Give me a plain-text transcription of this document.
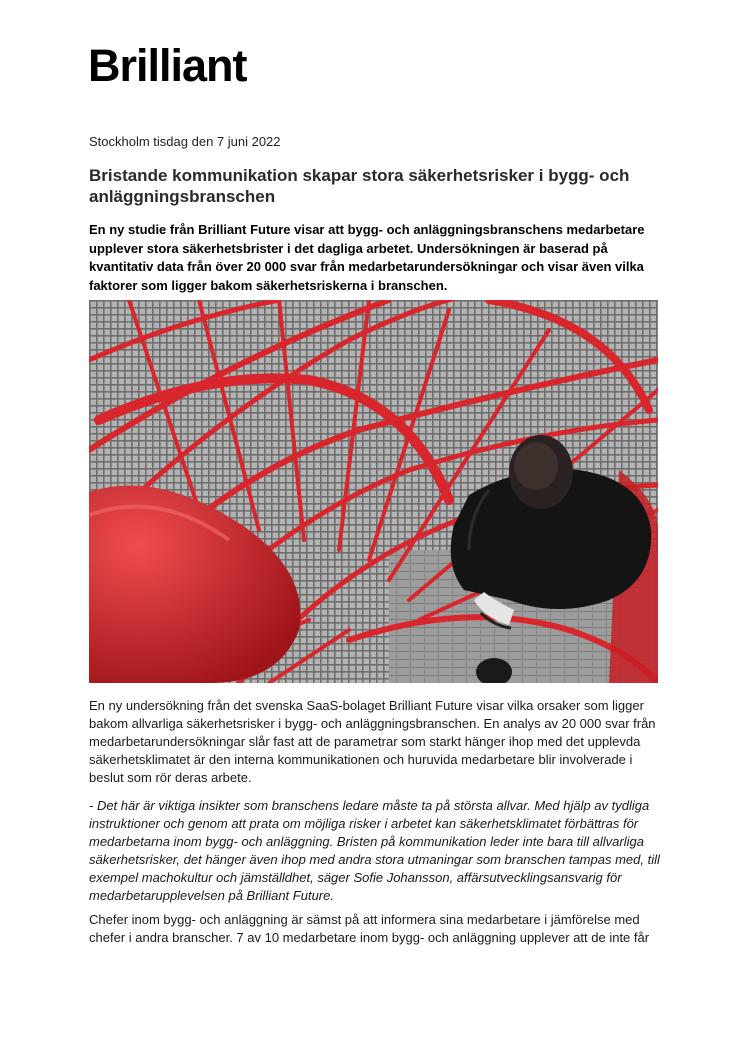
Brilliant
Stockholm tisdag den 7 juni 2022
Bristande kommunikation skapar stora säkerhetsrisker i bygg- och anläggningsbranschen
En ny studie från Brilliant Future visar att bygg- och anläggningsbranschens medarbetare upplever stora säkerhetsbrister i det dagliga arbetet. Undersökningen är baserad på kvantitativ data från över 20 000 svar från medarbetarundersökningar och visar även vilka faktorer som ligger bakom säkerhetsriskerna i branschen.

En ny undersökning från det svenska SaaS-bolaget Brilliant Future visar vilka orsaker som ligger bakom allvarliga säkerhetsrisker i bygg- och anläggningsbranschen. En analys av 20 000 svar från medarbetarundersökningar slår fast att de parametrar som starkt hänger ihop med det upplevda säkerhetsklimatet är den interna kommunikationen och huruvida medarbetare blir involverade i beslut som rör deras arbete.

- Det här är viktiga insikter som branschens ledare måste ta på största allvar. Med hjälp av tydliga instruktioner och genom att prata om möjliga risker i arbetet kan säkerhetsklimatet förbättras för medarbetarna inom bygg- och anläggning. Bristen på kommunikation leder inte bara till allvarliga säkerhetsrisker, det hänger även ihop med andra stora utmaningar som branschen tampas med, till exempel machokultur och jämställdhet, säger Sofie Johansson, affärsutvecklingsansvarig för medarbetarupplevelsen på Brilliant Future.

Chefer inom bygg- och anläggning är sämst på att informera sina medarbetare i jämförelse med chefer i andra branscher. 7 av 10 medarbetare inom bygg- och anläggning upplever att de inte får
